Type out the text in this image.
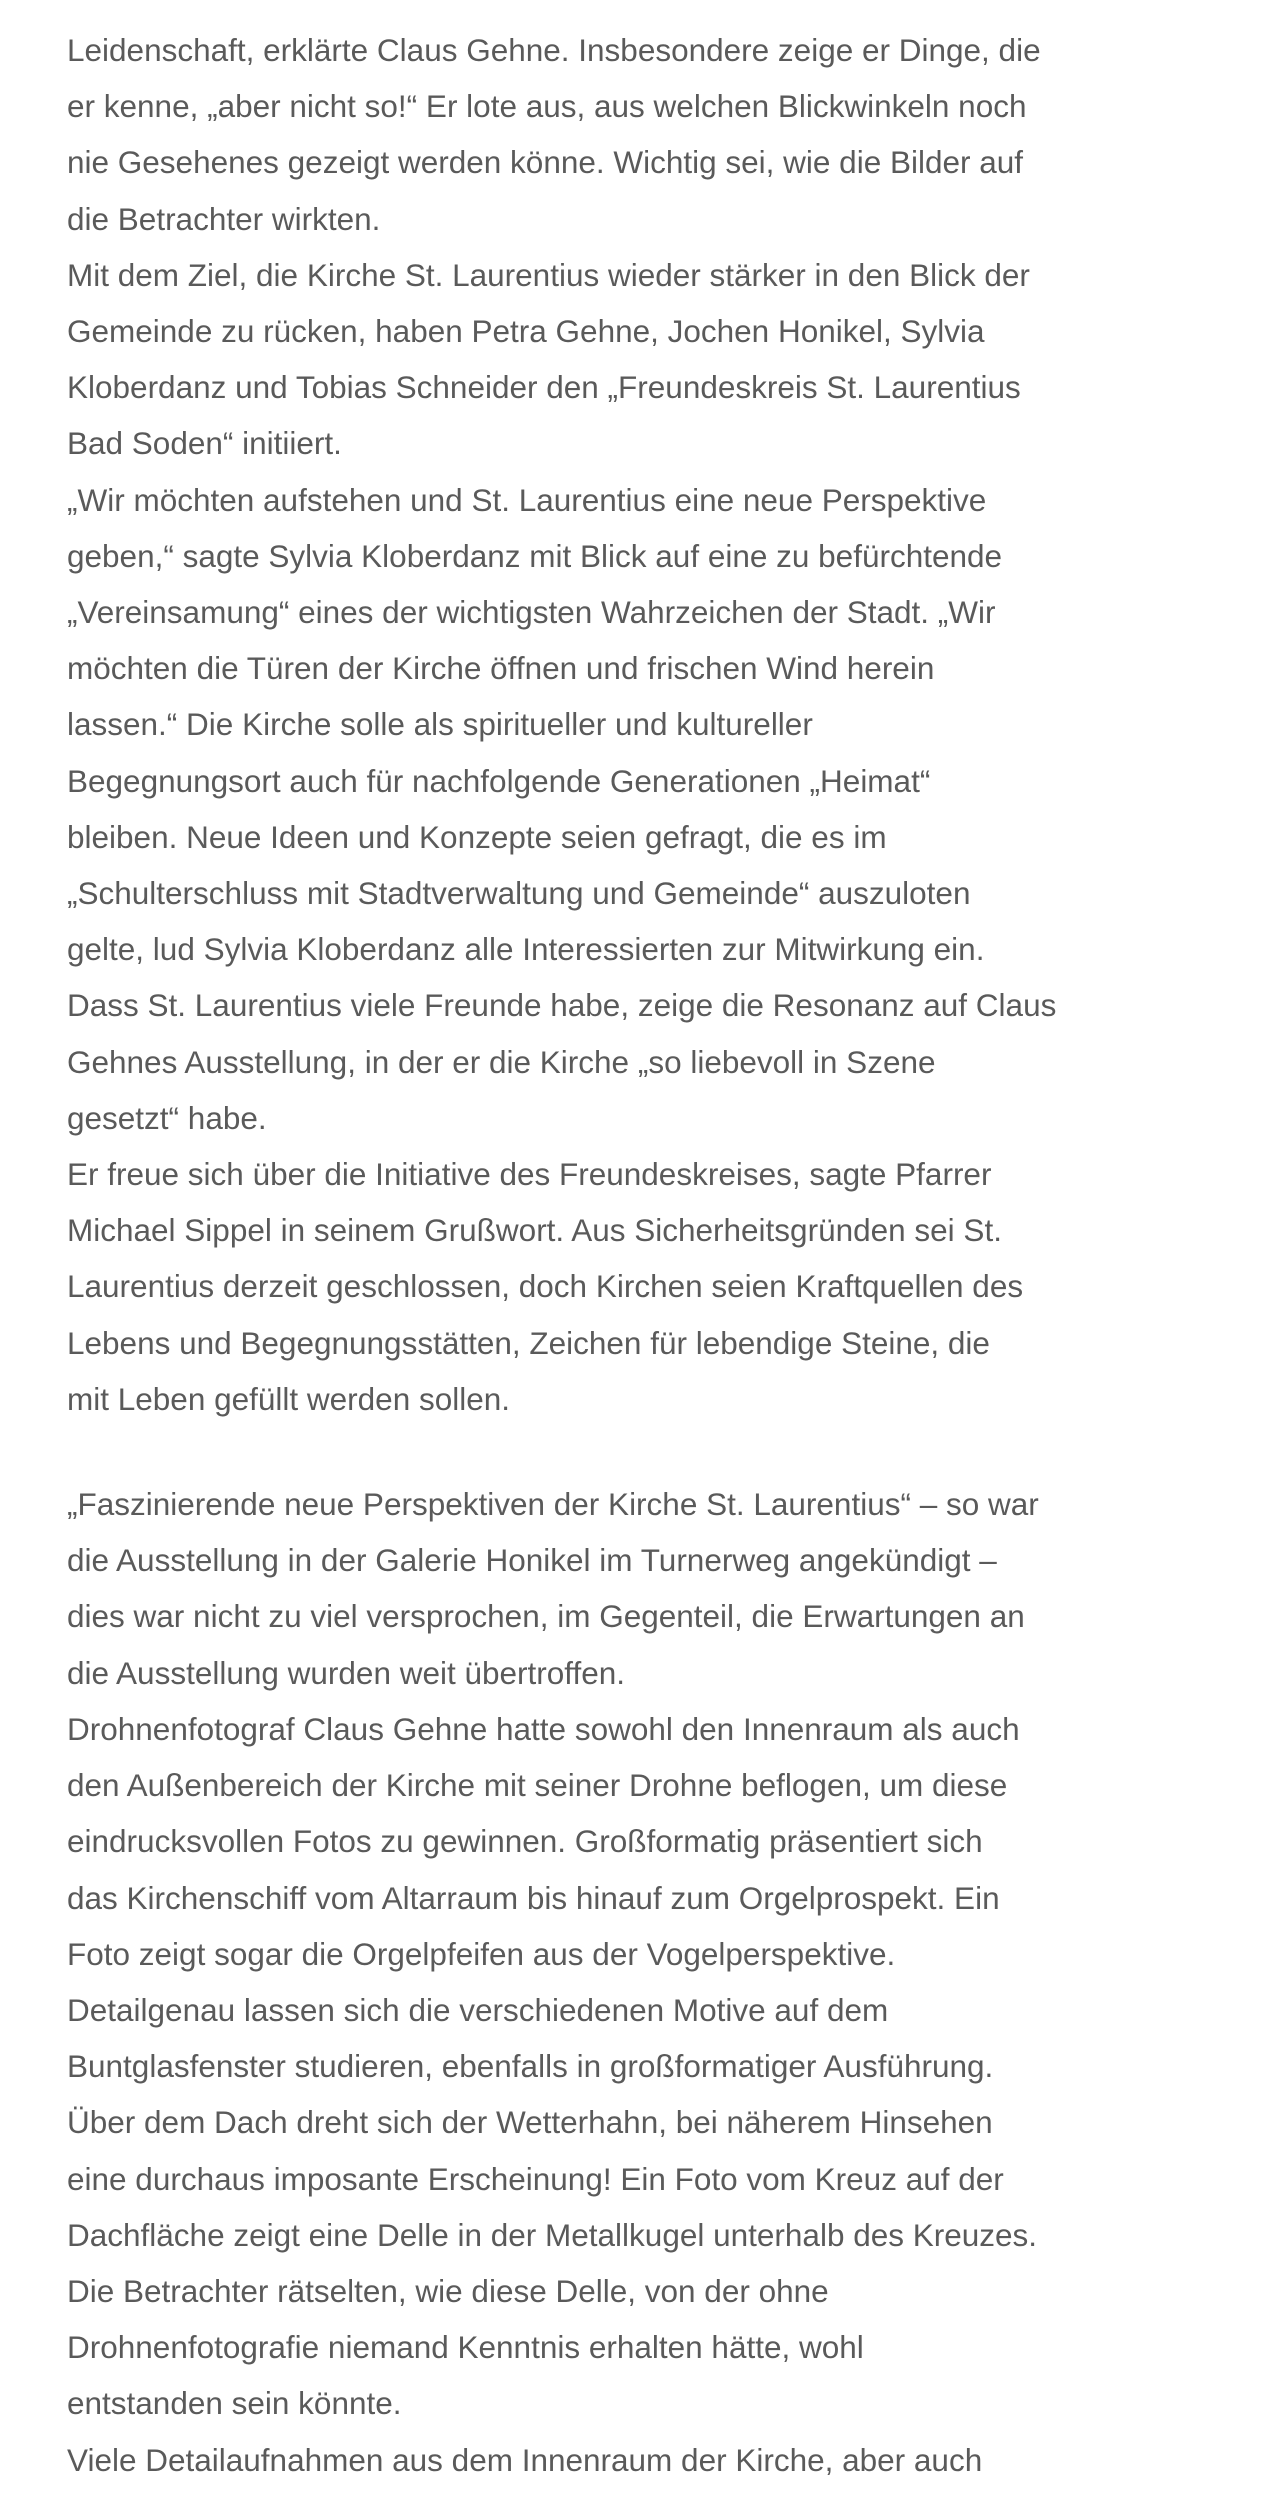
Leidenschaft, erklärte Claus Gehne. Insbesondere zeige er Dinge, die
er kenne, „aber nicht so!“ Er lote aus, aus welchen Blickwinkeln noch
nie Gesehenes gezeigt werden könne. Wichtig sei, wie die Bilder auf
die Betrachter wirkten.

Mit dem Ziel, die Kirche St. Laurentius wieder stärker in den Blick der
Gemeinde zu rücken, haben Petra Gehne, Jochen Honikel, Sylvia
Kloberdanz und Tobias Schneider den „Freundeskreis St. Laurentius
Bad Soden“ initiiert.

„Wir möchten aufstehen und St. Laurentius eine neue Perspektive
geben,“ sagte Sylvia Kloberdanz mit Blick auf eine zu befürchtende
„Vereinsamung“ eines der wichtigsten Wahrzeichen der Stadt. „Wir
möchten die Türen der Kirche öffnen und frischen Wind herein
lassen.“ Die Kirche solle als spiritueller und kultureller
Begegnungsort auch für nachfolgende Generationen „Heimat“
bleiben. Neue Ideen und Konzepte seien gefragt, die es im
„Schulterschluss mit Stadtverwaltung und Gemeinde“ auszuloten
gelte, lud Sylvia Kloberdanz alle Interessierten zur Mitwirkung ein.

Dass St. Laurentius viele Freunde habe, zeige die Resonanz auf Claus
Gehnes Ausstellung, in der er die Kirche „so liebevoll in Szene
gesetzt“ habe.

Er freue sich über die Initiative des Freundeskreises, sagte Pfarrer
Michael Sippel in seinem Grußwort. Aus Sicherheitsgründen sei St.
Laurentius derzeit geschlossen, doch Kirchen seien Kraftquellen des
Lebens und Begegnungsstätten, Zeichen für lebendige Steine, die
mit Leben gefüllt werden sollen.

„Faszinierende neue Perspektiven der Kirche St. Laurentius“ – so war
die Ausstellung in der Galerie Honikel im Turnerweg angekündigt –
dies war nicht zu viel versprochen, im Gegenteil, die Erwartungen an
die Ausstellung wurden weit übertroffen.

Drohnenfotograf Claus Gehne hatte sowohl den Innenraum als auch
den Außenbereich der Kirche mit seiner Drohne beflogen, um diese
eindrucksvollen Fotos zu gewinnen. Großformatig präsentiert sich
das Kirchenschiff vom Altarraum bis hinauf zum Orgelprospekt. Ein
Foto zeigt sogar die Orgelpfeifen aus der Vogelperspektive.

Detailgenau lassen sich die verschiedenen Motive auf dem
Buntglasfenster studieren, ebenfalls in großformatiger Ausführung.

Über dem Dach dreht sich der Wetterhahn, bei näherem Hinsehen
eine durchaus imposante Erscheinung! Ein Foto vom Kreuz auf der
Dachfläche zeigt eine Delle in der Metallkugel unterhalb des Kreuzes.

Die Betrachter rätselten, wie diese Delle, von der ohne
Drohnenfotografie niemand Kenntnis erhalten hätte, wohl
entstanden sein könnte.

Viele Detailaufnahmen aus dem Innenraum der Kirche, aber auch
